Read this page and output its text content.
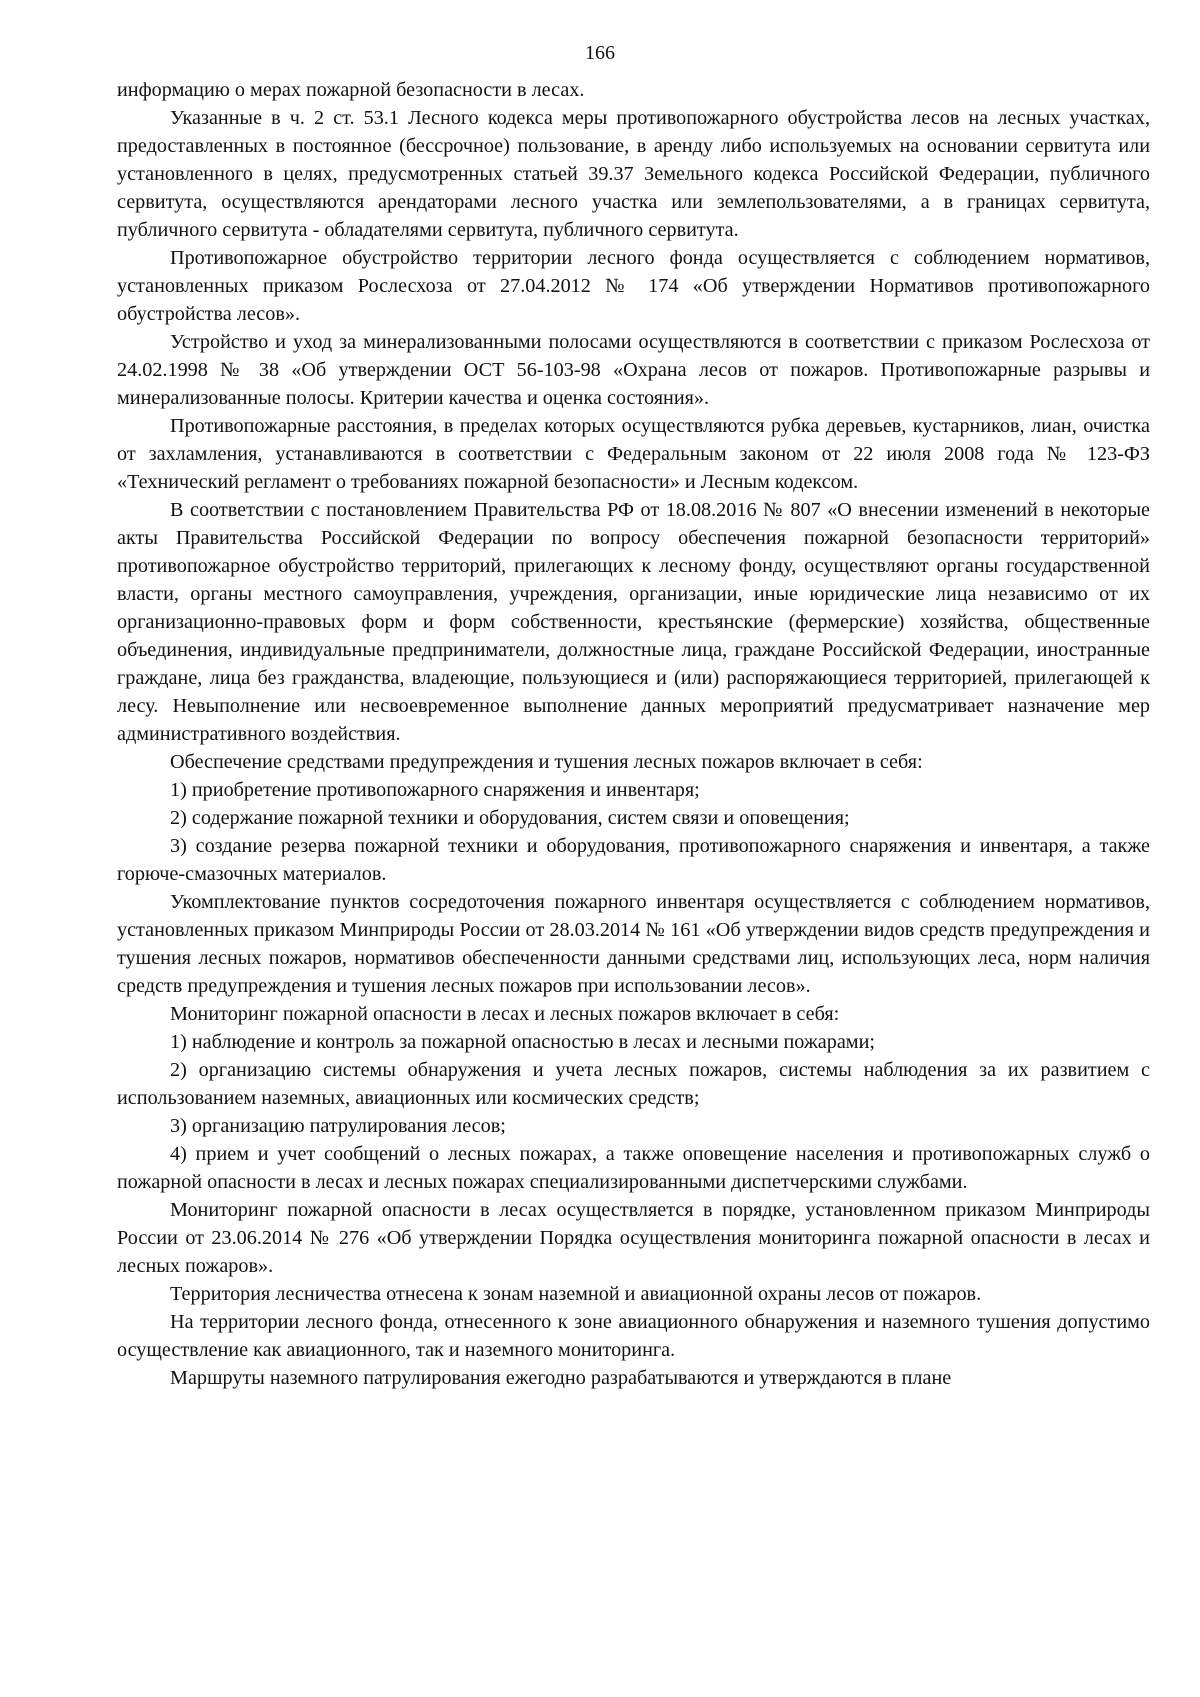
166

информацию о мерах пожарной безопасности в лесах.

Указанные в ч. 2 ст. 53.1 Лесного кодекса меры противопожарного обустройства лесов на лесных участках, предоставленных в постоянное (бессрочное) пользование, в аренду либо используемых на основании сервитута или установленного в целях, предусмотренных статьей 39.37 Земельного кодекса Российской Федерации, публичного сервитута, осуществляются арендаторами лесного участка или землепользователями, а в границах сервитута, публичного сервитута - обладателями сервитута, публичного сервитута.

Противопожарное обустройство территории лесного фонда осуществляется с соблюдением нормативов, установленных приказом Рослесхоза от 27.04.2012 № 174 «Об утверждении Нормативов противопожарного обустройства лесов».

Устройство и уход за минерализованными полосами осуществляются в соответствии с приказом Рослесхоза от 24.02.1998 № 38 «Об утверждении ОСТ 56-103-98 «Охрана лесов от пожаров. Противопожарные разрывы и минерализованные полосы. Критерии качества и оценка состояния».

Противопожарные расстояния, в пределах которых осуществляются рубка деревьев, кустарников, лиан, очистка от захламления, устанавливаются в соответствии с Федеральным законом от 22 июля 2008 года № 123-ФЗ «Технический регламент о требованиях пожарной безопасности» и Лесным кодексом.

В соответствии с постановлением Правительства РФ от 18.08.2016 № 807 «О внесении изменений в некоторые акты Правительства Российской Федерации по вопросу обеспечения пожарной безопасности территорий» противопожарное обустройство территорий, прилегающих к лесному фонду, осуществляют органы государственной власти, органы местного самоуправления, учреждения, организации, иные юридические лица независимо от их организационно-правовых форм и форм собственности, крестьянские (фермерские) хозяйства, общественные объединения, индивидуальные предприниматели, должностные лица, граждане Российской Федерации, иностранные граждане, лица без гражданства, владеющие, пользующиеся и (или) распоряжающиеся территорией, прилегающей к лесу. Невыполнение или несвоевременное выполнение данных мероприятий предусматривает назначение мер административного воздействия.

Обеспечение средствами предупреждения и тушения лесных пожаров включает в себя:

1) приобретение противопожарного снаряжения и инвентаря;

2) содержание пожарной техники и оборудования, систем связи и оповещения;

3) создание резерва пожарной техники и оборудования, противопожарного снаряжения и инвентаря, а также горюче-смазочных материалов.

Укомплектование пунктов сосредоточения пожарного инвентаря осуществляется с соблюдением нормативов, установленных приказом Минприроды России от 28.03.2014 № 161 «Об утверждении видов средств предупреждения и тушения лесных пожаров, нормативов обеспеченности данными средствами лиц, использующих леса, норм наличия средств предупреждения и тушения лесных пожаров при использовании лесов».

Мониторинг пожарной опасности в лесах и лесных пожаров включает в себя:

1) наблюдение и контроль за пожарной опасностью в лесах и лесными пожарами;

2) организацию системы обнаружения и учета лесных пожаров, системы наблюдения за их развитием с использованием наземных, авиационных или космических средств;

3) организацию патрулирования лесов;

4) прием и учет сообщений о лесных пожарах, а также оповещение населения и противопожарных служб о пожарной опасности в лесах и лесных пожарах специализированными диспетчерскими службами.

Мониторинг пожарной опасности в лесах осуществляется в порядке, установленном приказом Минприроды России от 23.06.2014 № 276 «Об утверждении Порядка осуществления мониторинга пожарной опасности в лесах и лесных пожаров».

Территория лесничества отнесена к зонам наземной и авиационной охраны лесов от пожаров.

На территории лесного фонда, отнесенного к зоне авиационного обнаружения и наземного тушения допустимо осуществление как авиационного, так и наземного мониторинга.

Маршруты наземного патрулирования ежегодно разрабатываются и утверждаются в плане
